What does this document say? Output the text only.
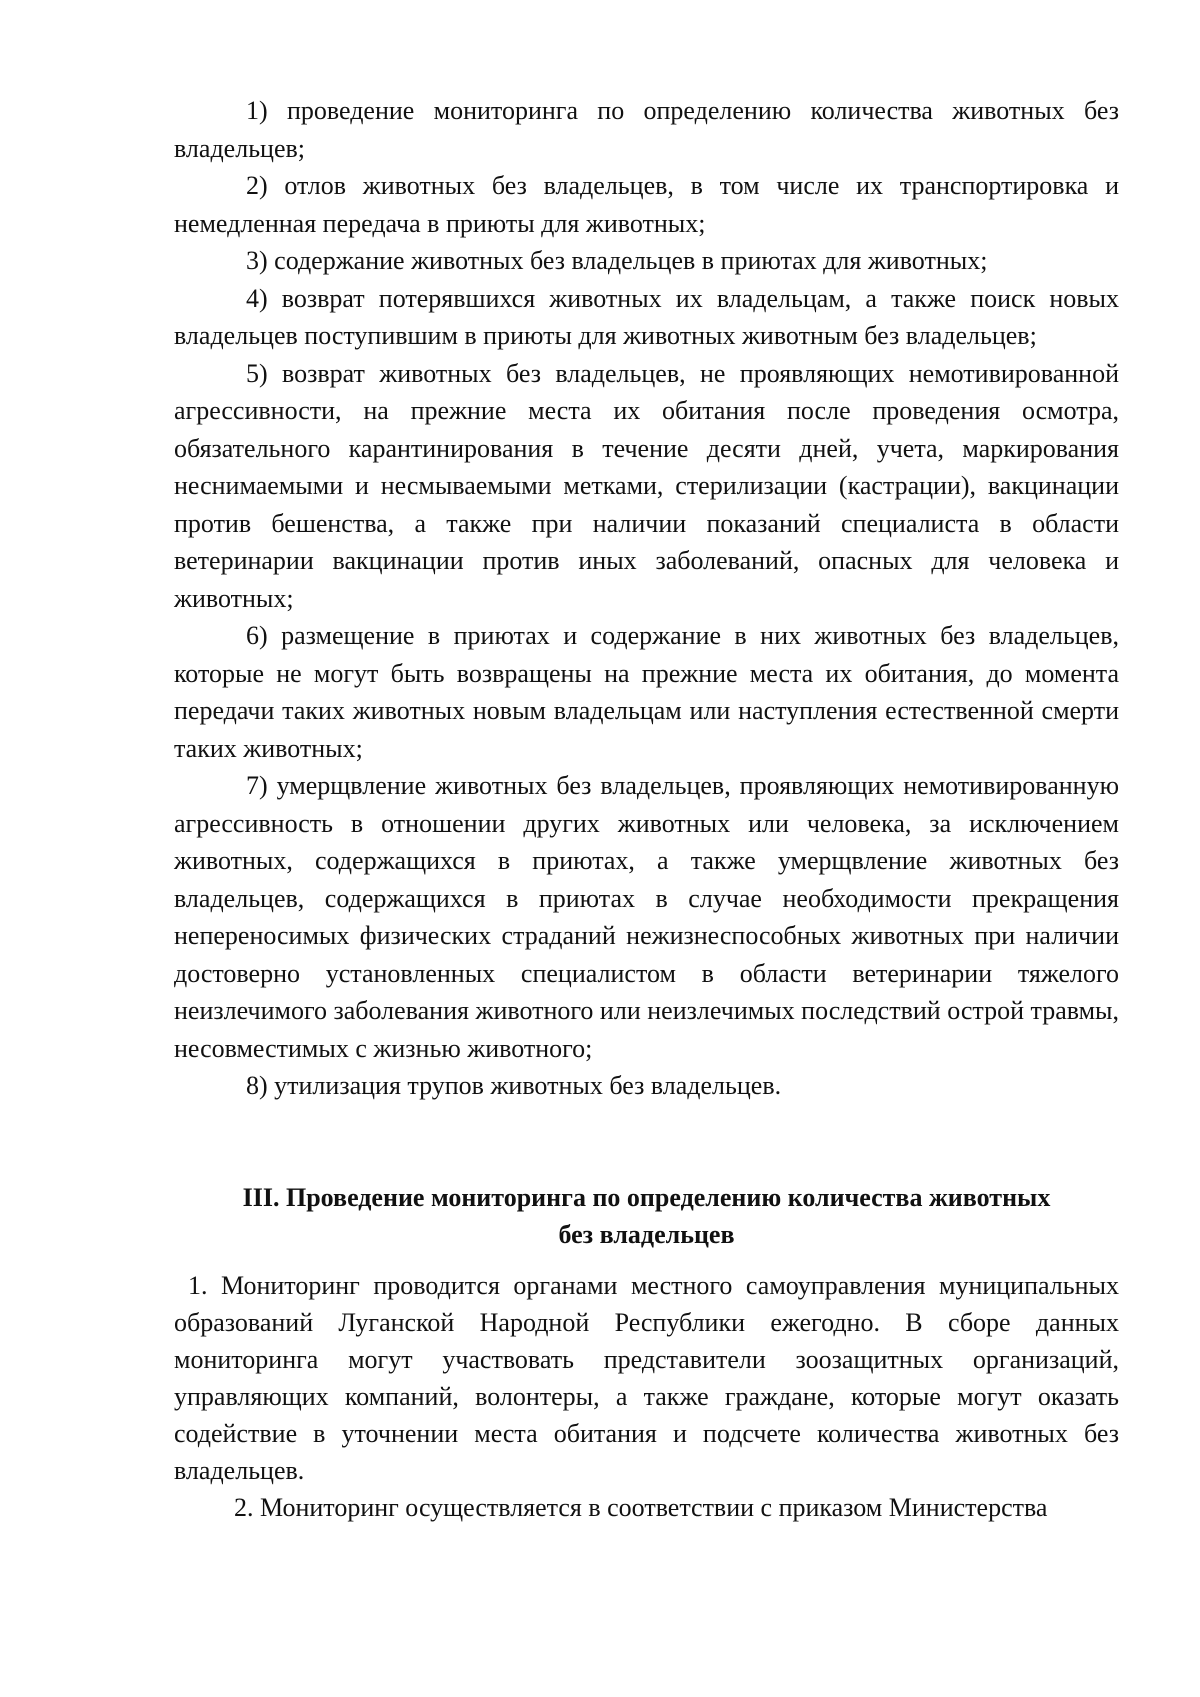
1) проведение мониторинга по определению количества животных без владельцев;

2) отлов животных без владельцев, в том числе их транспортировка и немедленная передача в приюты для животных;

3) содержание животных без владельцев в приютах для животных;

4) возврат потерявшихся животных их владельцам, а также поиск новых владельцев поступившим в приюты для животных животным без владельцев;

5) возврат животных без владельцев, не проявляющих немотивированной агрессивности, на прежние места их обитания после проведения осмотра, обязательного карантинирования в течение десяти дней, учета, маркирования неснимаемыми и несмываемыми метками, стерилизации (кастрации), вакцинации против бешенства, а также при наличии показаний специалиста в области ветеринарии вакцинации против иных заболеваний, опасных для человека и животных;

6) размещение в приютах и содержание в них животных без владельцев, которые не могут быть возвращены на прежние места их обитания, до момента передачи таких животных новым владельцам или наступления естественной смерти таких животных;

7) умерщвление животных без владельцев, проявляющих немотивированную агрессивность в отношении других животных или человека, за исключением животных, содержащихся в приютах, а также умерщвление животных без владельцев, содержащихся в приютах в случае необходимости прекращения непереносимых физических страданий нежизнеспособных животных при наличии достоверно установленных специалистом в области ветеринарии тяжелого неизлечимого заболевания животного или неизлечимых последствий острой травмы, несовместимых с жизнью животного;

8) утилизация трупов животных без владельцев.

III. Проведение мониторинга по определению количества животных
без владельцев

1. Мониторинг проводится органами местного самоуправления муниципальных образований Луганской Народной Республики ежегодно. В сборе данных мониторинга могут участвовать представители зоозащитных организаций, управляющих компаний, волонтеры, а также граждане, которые могут оказать содействие в уточнении места обитания и подсчете количества животных без владельцев.

2. Мониторинг осуществляется в соответствии с приказом Министерства
